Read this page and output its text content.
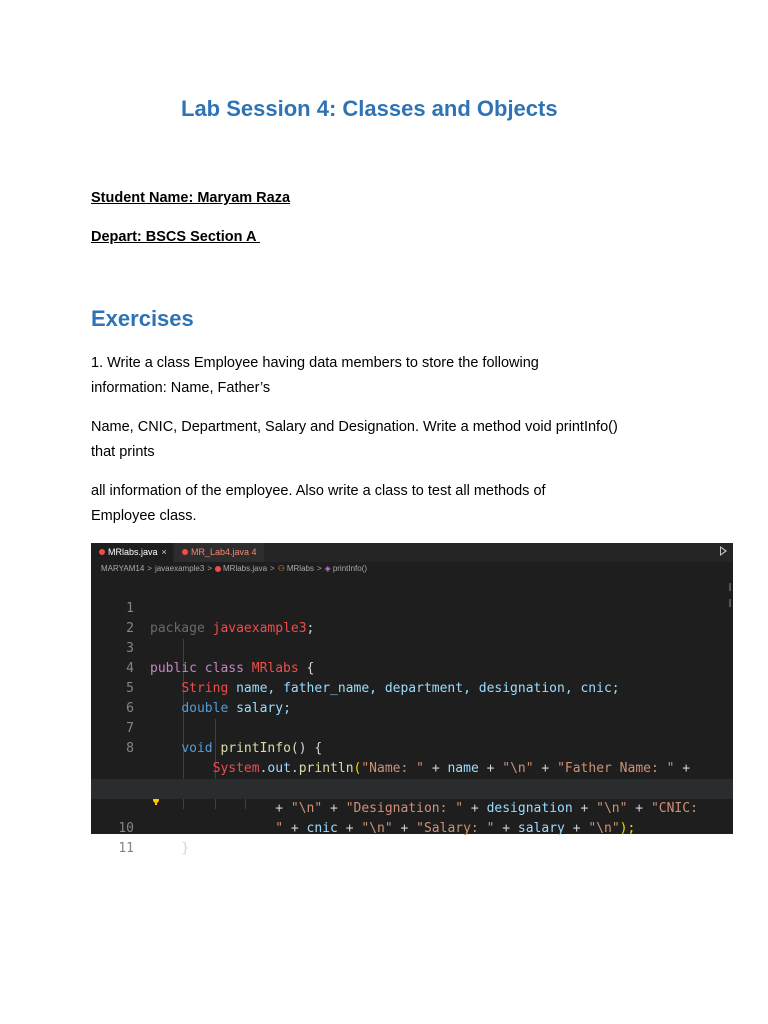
Lab Session 4: Classes and Objects
Student Name: Maryam Raza
Depart: BSCS Section A
Exercises
1. Write a class Employee having data members to store the following
information: Name, Father’s
Name, CNIC, Department, Salary and Designation. Write a method void printInfo()
that prints
all information of the employee. Also write a class to test all methods of
Employee class.
MRlabs.java ×	MR_Lab4.java 4
MARYAM14 > javaexample3 > MRlabs.java > ⚇ MRlabs > ◈ printInfo()

1

package javaexample3;

2

3

public class MRlabs {

4

String name, father_name, department, designation, cnic;

5

double salary;

6

7

void printInfo() {

8

System.out.println("Name: " + name + "\n" + "Father Name: " +

+ "\n" + "Designation: " + designation + "\n" + "CNIC:

" + cnic + "\n" + "Salary: " + salary + "\n");

10

}

11
